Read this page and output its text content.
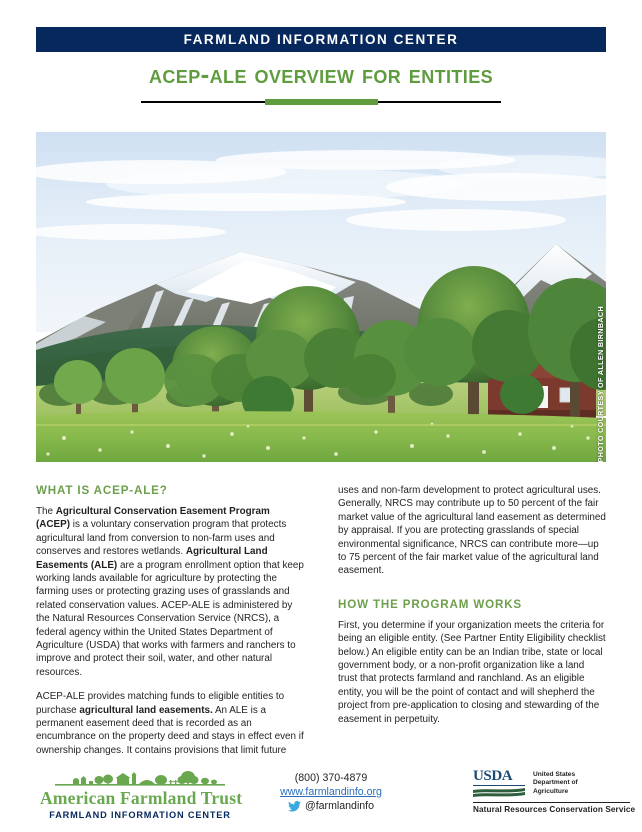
FARMLAND INFORMATION CENTER
acep-ale overview for entities
PHOTO COURTESY OF ALLEN BIRNBACH
WHAT IS ACEP-ALE?

The Agricultural Conservation Easement Program (ACEP) is a voluntary conservation program that protects agricultural land from conversion to non-farm uses and conserves and restores wetlands. Agricultural Land Easements (ALE) are a program enrollment option that keep working lands available for agriculture by protecting the farming uses or protecting grazing uses of grasslands and related conservation values. ACEP-ALE is administered by the Natural Resources Conservation Service (NRCS), a federal agency within the United States Department of Agriculture (USDA) that works with farmers and ranchers to improve and protect their soil, water, and other natural resources.

ACEP-ALE provides matching funds to eligible entities to purchase agricultural land easements. An ALE is a permanent easement deed that is recorded as an encumbrance on the property deed and stays in effect even if ownership changes. It contains provisions that limit future

uses and non-farm development to protect agricultural uses. Generally, NRCS may contribute up to 50 percent of the fair market value of the agricultural land easement as determined by appraisal. If you are protecting grasslands of special environmental significance, NRCS can contribute more—up to 75 percent of the fair market value of the agricultural land easement.

HOW THE PROGRAM WORKS

First, you determine if your organization meets the criteria for being an eligible entity. (See Partner Entity Eligibility checklist below.) An eligible entity can be an Indian tribe, state or local government body, or a non-profit organization like a land trust that protects farmland and ranchland. As an eligible entity, you will be the point of contact and will shepherd the project from pre-application to closing and stewarding of the easement in perpetuity.

American Farmland Trust
FARMLAND INFORMATION CENTER
(800) 370-4879
www.farmlandinfo.org
@farmlandinfo
USDA	United States
Department of
Agriculture
Natural Resources Conservation Service
